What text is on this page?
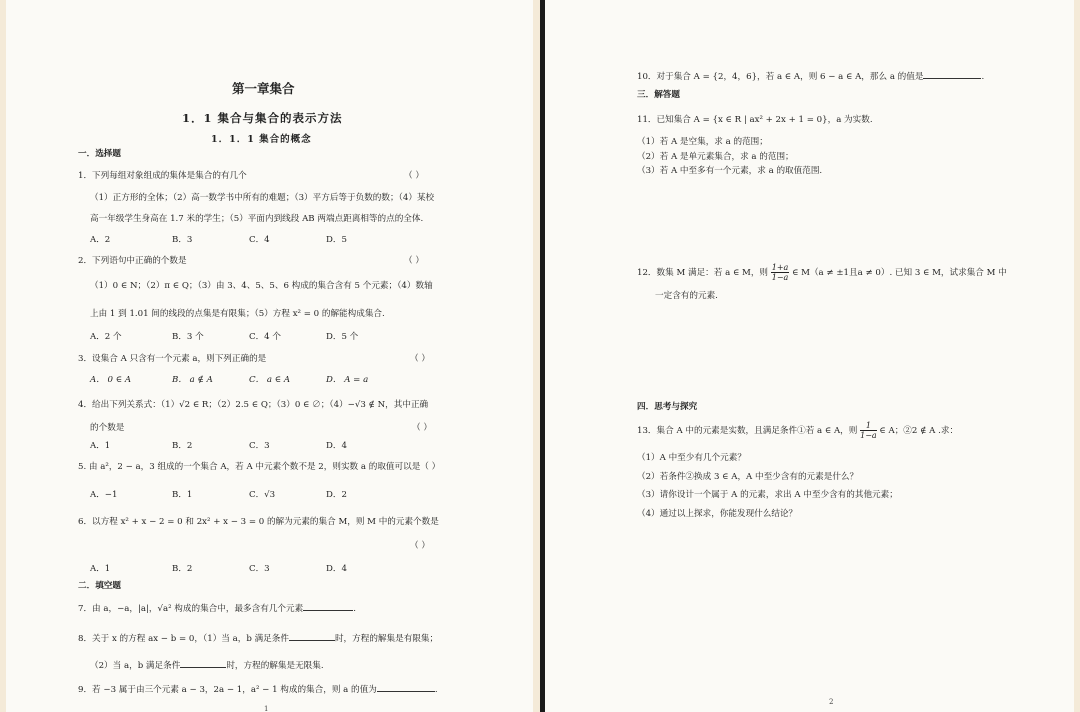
第一章集合
1．1 集合与集合的表示方法
1．1．1 集合的概念
一．选择题
1．下列每组对象组成的集体是集合的有几个	（ ）
（1）正方形的全体；（2）高一数学书中所有的难题；（3）平方后等于负数的数；（4）某校
高一年级学生身高在 1.7 米的学生；（5）平面内到线段 AB 两端点距离相等的点的全体.
A．2	B．3	C．4	D．5
2．下列语句中正确的个数是	（ ）
（1）0 ∈ N；（2）π ∈ Q；（3）由 3、4、5、5、6 构成的集合含有 5 个元素；（4）数轴
上由 1 到 1.01 间的线段的点集是有限集；（5）方程 x² = 0 的解能构成集合.
A．2 个	B．3 个	C．4 个	D．5 个
3．设集合 A 只含有一个元素 a，则下列正确的是	（ ）
A． 0 ∈ A	B． a ∉ A	C． a ∈ A	D． A = a
4．给出下列关系式：（1）√2 ∈ R；（2）2.5 ∈ Q；（3）0 ∈ ∅；（4）−√3 ∉ N，其中正确
的个数是	（ ）
A．1	B．2	C．3	D．4
5. 由 a²，2 − a，3 组成的一个集合 A，若 A 中元素个数不是 2，则实数 a 的取值可以是（ ）
A．−1	B．1	C．√3	D．2
6．以方程 x² + x − 2 = 0 和 2x² + x − 3 = 0 的解为元素的集合 M，则 M 中的元素个数是
（ ）
A．1	B．2	C．3	D．4
二．填空题
7．由 a，−a，|a|，√a² 构成的集合中，最多含有几个元素	.
8．关于 x 的方程 ax − b = 0，（1）当 a，b 满足条件	时，方程的解集是有限集；
（2）当 a，b 满足条件	时，方程的解集是无限集.
9．若 −3 属于由三个元素 a − 3，2a − 1，a² − 1 构成的集合，则 a 的值为	.
1
10．对于集合 A = {2，4，6}，若 a ∈ A，则 6 − a ∈ A，那么 a 的值是	.
三．解答题
11．已知集合 A = {x ∈ R | ax² + 2x + 1 = 0}，a 为实数.
（1）若 A 是空集，求 a 的范围；
（2）若 A 是单元素集合，求 a 的范围；
（3）若 A 中至多有一个元素，求 a 的取值范围.
12．数集 M 满足：若 a ∈ M，则 $\frac{1+a}{1-a}$ ∈ M（a ≠ ±1且a ≠ 0）. 已知 3 ∈ M，试求集合 M 中
一定含有的元素.
四．思考与探究
13．集合 A 中的元素是实数，且满足条件①若 a ∈ A，则 $\frac{1}{1-a}$ ∈ A；②2 ∉ A .求：
（1）A 中至少有几个元素？
（2）若条件②换成 3 ∈ A，A 中至少含有的元素是什么？
（3）请你设计一个属于 A 的元素，求出 A 中至少含有的其他元素；
（4）通过以上探求，你能发现什么结论？
2
